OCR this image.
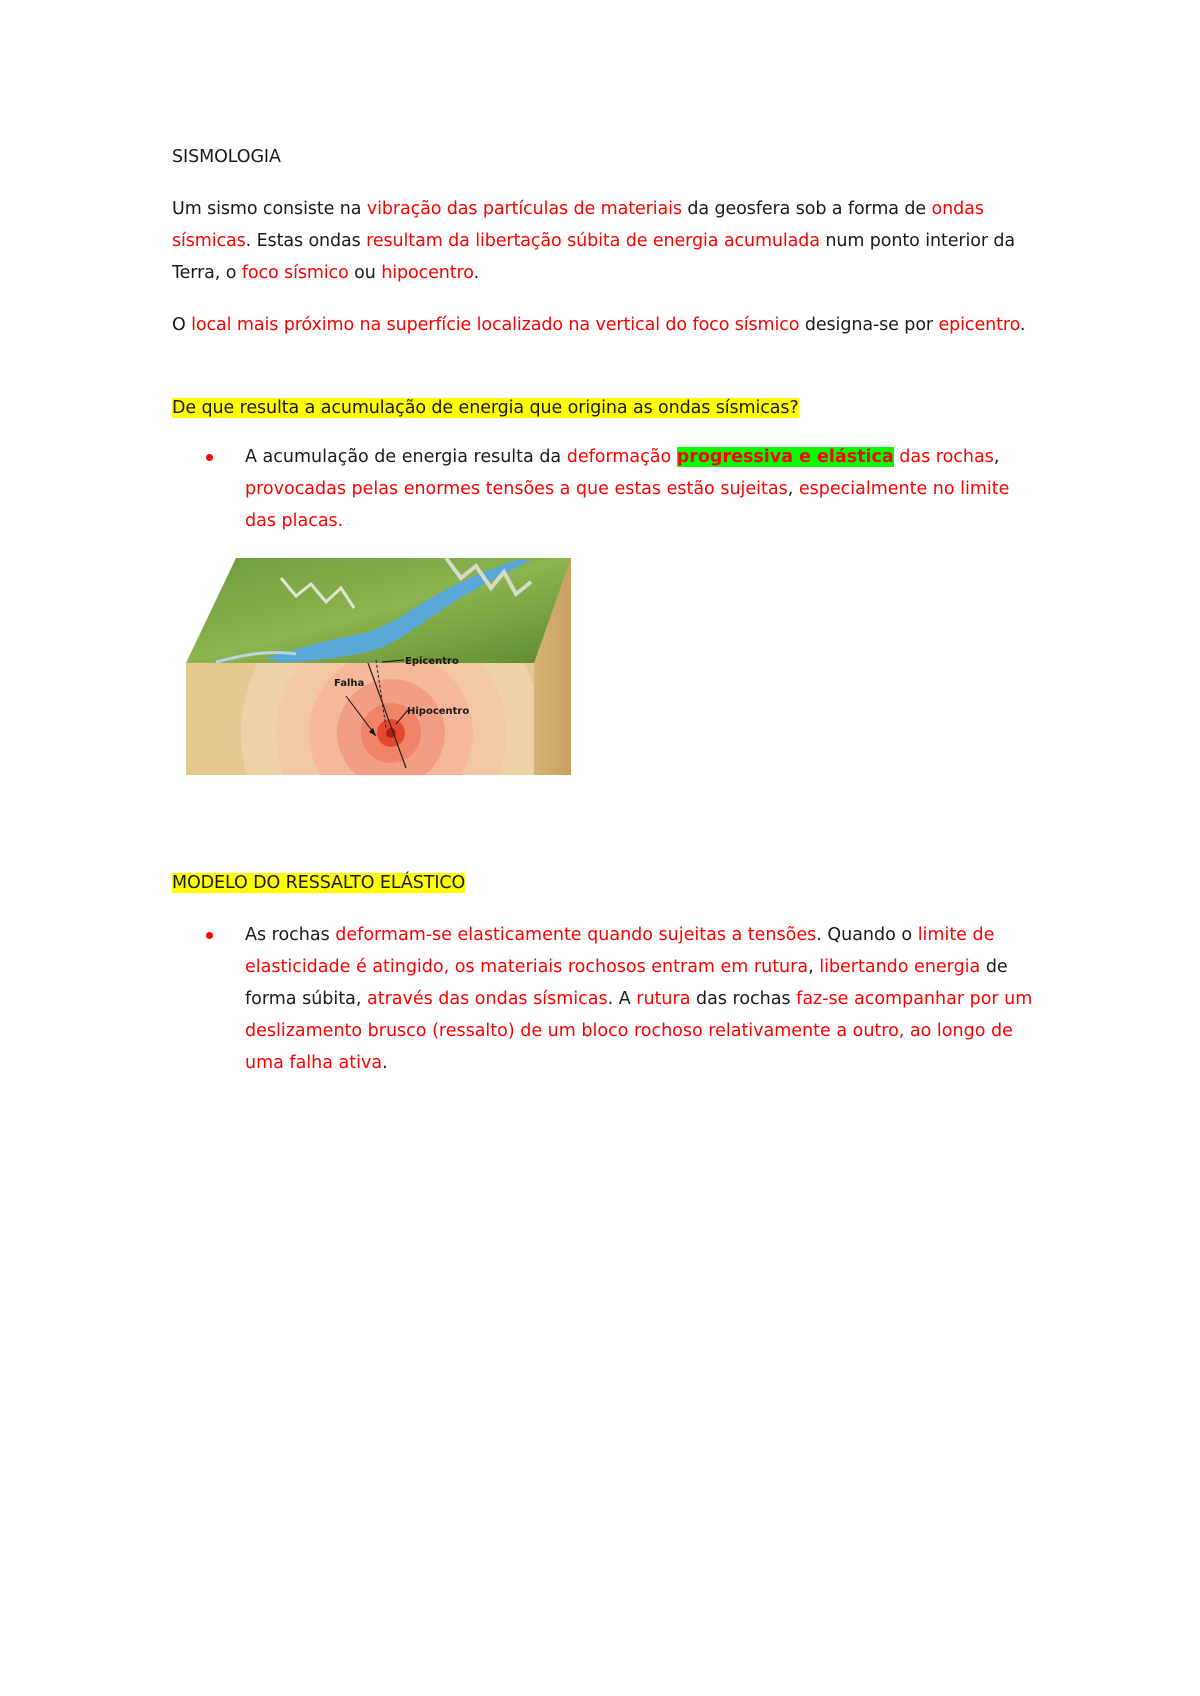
SISMOLOGIA
Um sismo consiste na vibração das partículas de materiais da geosfera sob a forma de ondas sísmicas. Estas ondas resultam da libertação súbita de energia acumulada num ponto interior da Terra, o foco sísmico ou hipocentro.
O local mais próximo na superfície localizado na vertical do foco sísmico designa-se por epicentro.
De que resulta a acumulação de energia que origina as ondas sísmicas?
A acumulação de energia resulta da deformação progressiva e elástica das rochas, provocadas pelas enormes tensões a que estas estão sujeitas, especialmente no limite das placas.
Epicentro
Falha
Hipocentro
MODELO DO RESSALTO ELÁSTICO
As rochas deformam-se elasticamente quando sujeitas a tensões. Quando o limite de elasticidade é atingido, os materiais rochosos entram em rutura, libertando energia de forma súbita, através das ondas sísmicas. A rutura das rochas faz-se acompanhar por um deslizamento brusco (ressalto) de um bloco rochoso relativamente a outro, ao longo de uma falha ativa.
